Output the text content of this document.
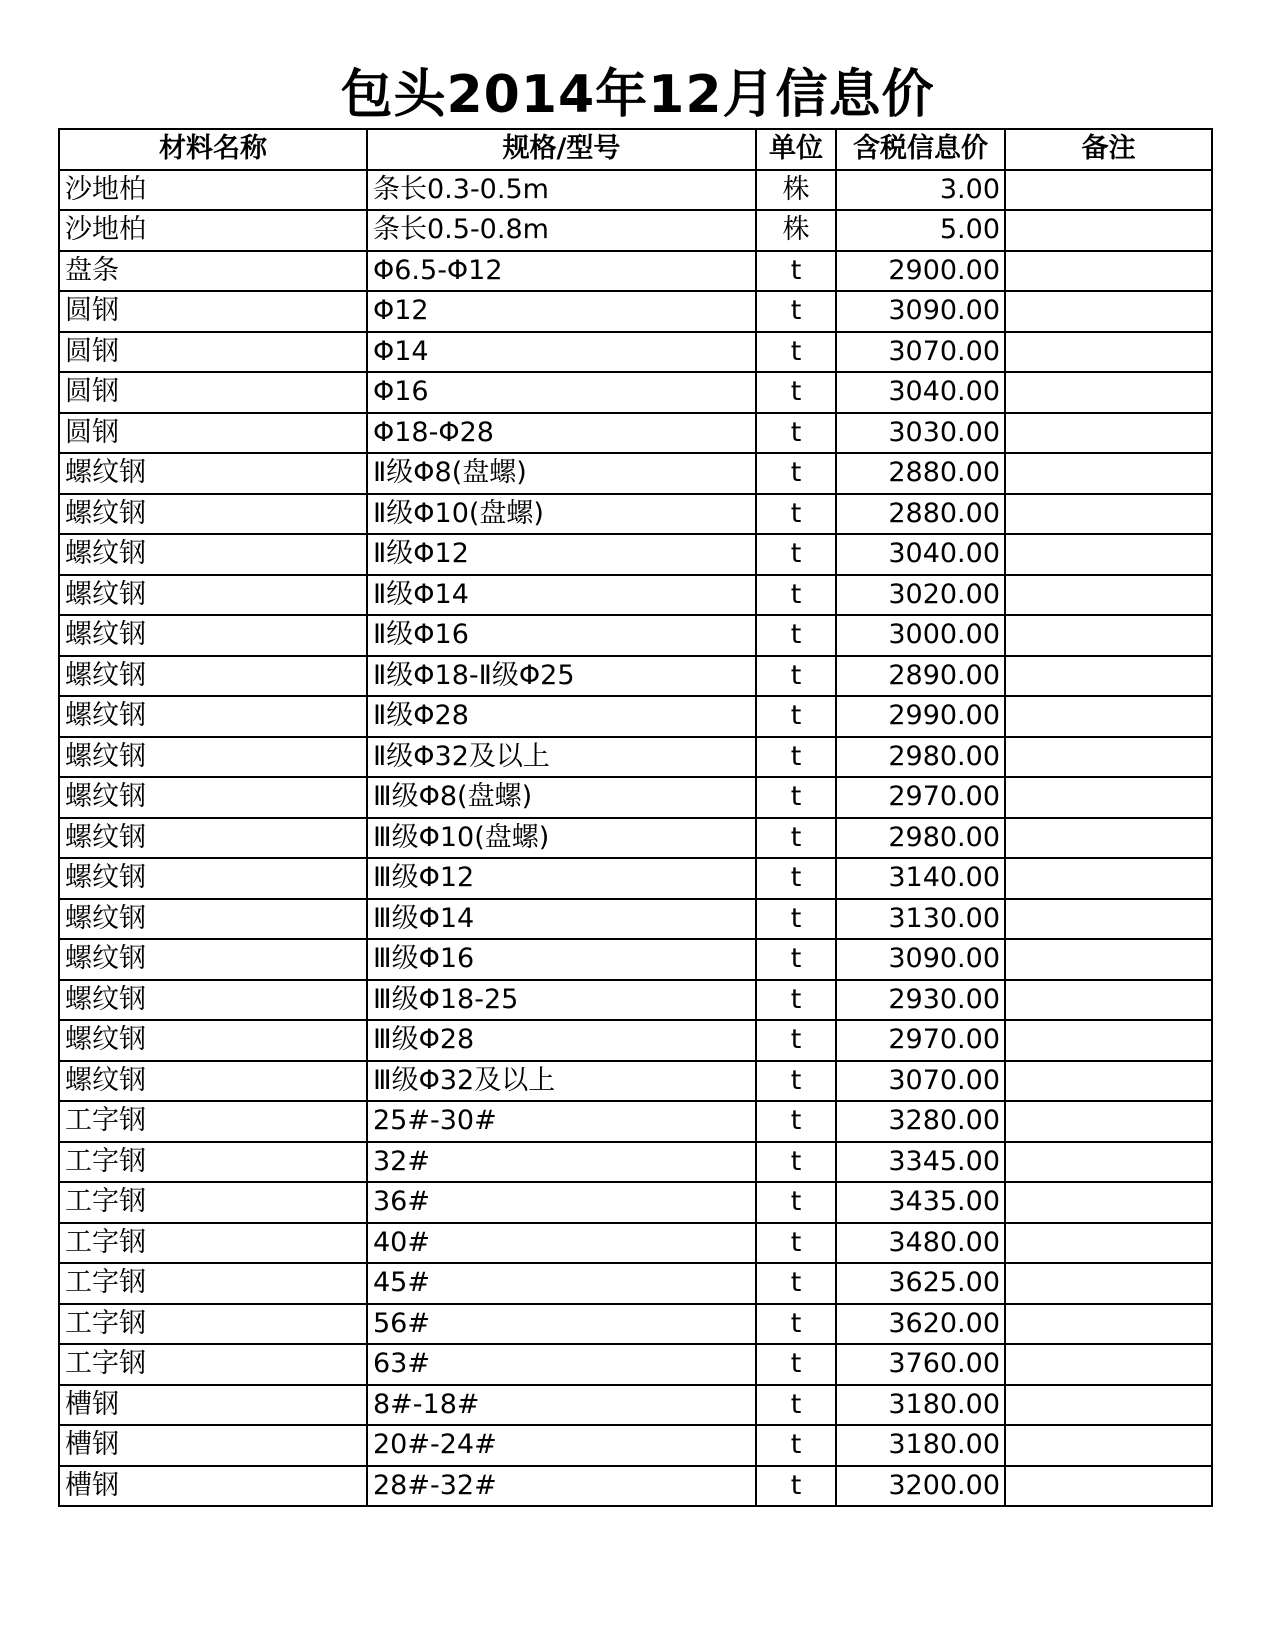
包头2014年12月信息价
材料名称	规格/型号	单位	含税信息价	备注
沙地柏	条长0.3-0.5m	株	3.00	
沙地柏	条长0.5-0.8m	株	5.00	
盘条	Φ6.5-Φ12	t	2900.00	
圆钢	Φ12	t	3090.00	
圆钢	Φ14	t	3070.00	
圆钢	Φ16	t	3040.00	
圆钢	Φ18-Φ28	t	3030.00	
螺纹钢	Ⅱ级Φ8(盘螺)	t	2880.00	
螺纹钢	Ⅱ级Φ10(盘螺)	t	2880.00	
螺纹钢	Ⅱ级Φ12	t	3040.00	
螺纹钢	Ⅱ级Φ14	t	3020.00	
螺纹钢	Ⅱ级Φ16	t	3000.00	
螺纹钢	Ⅱ级Φ18-Ⅱ级Φ25	t	2890.00	
螺纹钢	Ⅱ级Φ28	t	2990.00	
螺纹钢	Ⅱ级Φ32及以上	t	2980.00	
螺纹钢	Ⅲ级Φ8(盘螺)	t	2970.00	
螺纹钢	Ⅲ级Φ10(盘螺)	t	2980.00	
螺纹钢	Ⅲ级Φ12	t	3140.00	
螺纹钢	Ⅲ级Φ14	t	3130.00	
螺纹钢	Ⅲ级Φ16	t	3090.00	
螺纹钢	Ⅲ级Φ18-25	t	2930.00	
螺纹钢	Ⅲ级Φ28	t	2970.00	
螺纹钢	Ⅲ级Φ32及以上	t	3070.00	
工字钢	25#-30#	t	3280.00	
工字钢	32#	t	3345.00	
工字钢	36#	t	3435.00	
工字钢	40#	t	3480.00	
工字钢	45#	t	3625.00	
工字钢	56#	t	3620.00	
工字钢	63#	t	3760.00	
槽钢	8#-18#	t	3180.00	
槽钢	20#-24#	t	3180.00	
槽钢	28#-32#	t	3200.00	
